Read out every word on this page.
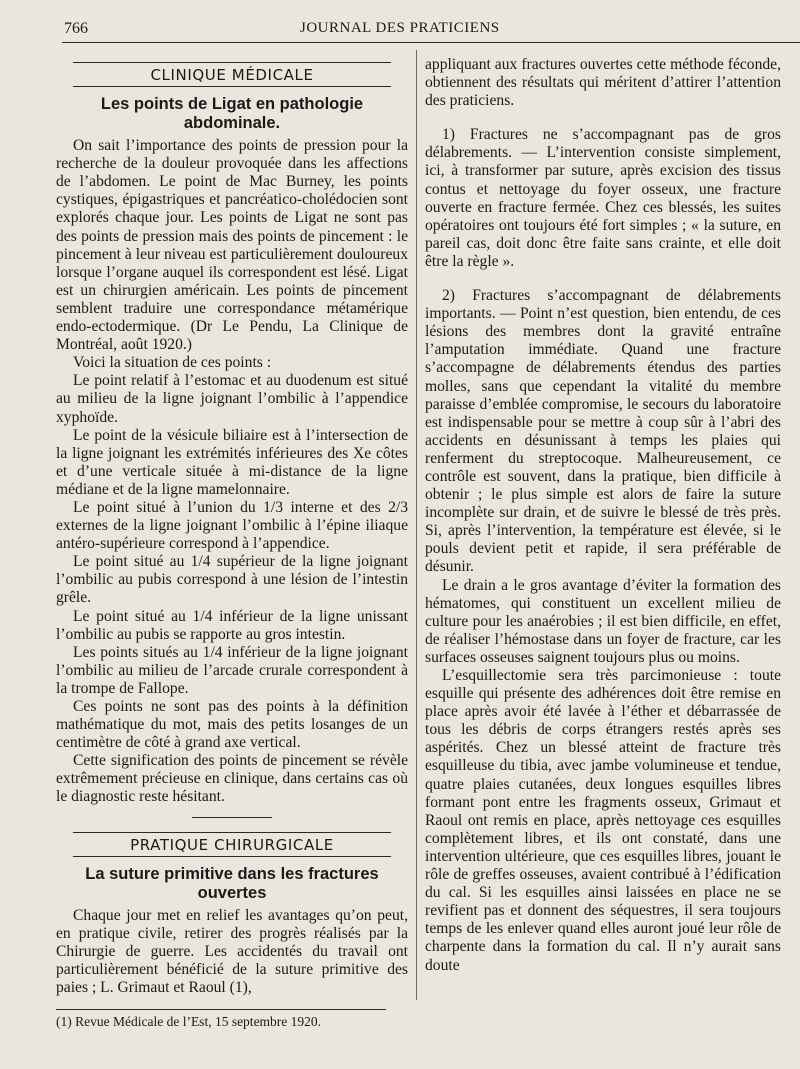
766	JOURNAL DES PRATICIENS
CLINIQUE MÉDICALE
Les points de Ligat en pathologie abdominale.

On sait l’importance des points de pression pour la recherche de la douleur provoquée dans les affections de l’abdomen. Le point de Mac Burney, les points cystiques, épigastriques et pancréatico-cholédocien sont explorés chaque jour. Les points de Ligat ne sont pas des points de pression mais des points de pincement : le pincement à leur niveau est particulièrement douloureux lorsque l’organe auquel ils correspondent est lésé. Ligat est un chirurgien américain. Les points de pincement semblent traduire une correspondance métamérique endo-ectodermique. (Dr Le Pendu, La Clinique de Montréal, août 1920.)

Voici la situation de ces points :

Le point relatif à l’estomac et au duodenum est situé au milieu de la ligne joignant l’ombilic à l’appendice xyphoïde.

Le point de la vésicule biliaire est à l’intersection de la ligne joignant les extrémités inférieures des Xe côtes et d’une verticale située à mi-distance de la ligne médiane et de la ligne mamelonnaire.

Le point situé à l’union du 1/3 interne et des 2/3 externes de la ligne joignant l’ombilic à l’épine iliaque antéro-supérieure correspond à l’appendice.

Le point situé au 1/4 supérieur de la ligne joignant l’ombilic au pubis correspond à une lésion de l’intestin grêle.

Le point situé au 1/4 inférieur de la ligne unissant l’ombilic au pubis se rapporte au gros intestin.

Les points situés au 1/4 inférieur de la ligne joignant l’ombilic au milieu de l’arcade crurale correspondent à la trompe de Fallope.

Ces points ne sont pas des points à la définition mathématique du mot, mais des petits losanges de un centimètre de côté à grand axe vertical.

Cette signification des points de pincement se révèle extrêmement précieuse en clinique, dans certains cas où le diagnostic reste hésitant.

PRATIQUE CHIRURGICALE
La suture primitive dans les fractures ouvertes

Chaque jour met en relief les avantages qu’on peut, en pratique civile, retirer des progrès réalisés par la Chirurgie de guerre. Les accidentés du travail ont particulièrement bénéficié de la suture primitive des paies ; L. Grimaut et Raoul (1),

(1) Revue Médicale de l’Est, 15 septembre 1920.

appliquant aux fractures ouvertes cette méthode féconde, obtiennent des résultats qui méritent d’attirer l’attention des praticiens.

1) Fractures ne s’accompagnant pas de gros délabrements. — L’intervention consiste simplement, ici, à transformer par suture, après excision des tissus contus et nettoyage du foyer osseux, une fracture ouverte en fracture fermée. Chez ces blessés, les suites opératoires ont toujours été fort simples ; « la suture, en pareil cas, doit donc être faite sans crainte, et elle doit être la règle ».

2) Fractures s’accompagnant de délabrements importants. — Point n’est question, bien entendu, de ces lésions des membres dont la gravité entraîne l’amputation immédiate. Quand une fracture s’accompagne de délabrements étendus des parties molles, sans que cependant la vitalité du membre paraisse d’emblée compromise, le secours du laboratoire est indispensable pour se mettre à coup sûr à l’abri des accidents en désunissant à temps les plaies qui renferment du streptocoque. Malheureusement, ce contrôle est souvent, dans la pratique, bien difficile à obtenir ; le plus simple est alors de faire la suture incomplète sur drain, et de suivre le blessé de très près. Si, après l’intervention, la température est élevée, si le pouls devient petit et rapide, il sera préférable de désunir.

Le drain a le gros avantage d’éviter la formation des hématomes, qui constituent un excellent milieu de culture pour les anaérobies ; il est bien difficile, en effet, de réaliser l’hémostase dans un foyer de fracture, car les surfaces osseuses saignent toujours plus ou moins.

L’esquillectomie sera très parcimonieuse : toute esquille qui présente des adhérences doit être remise en place après avoir été lavée à l’éther et débarrassée de tous les débris de corps étrangers restés après ses aspérités. Chez un blessé atteint de fracture très esquilleuse du tibia, avec jambe volumineuse et tendue, quatre plaies cutanées, deux longues esquilles libres formant pont entre les fragments osseux, Grimaut et Raoul ont remis en place, après nettoyage ces esquilles complètement libres, et ils ont constaté, dans une intervention ultérieure, que ces esquilles libres, jouant le rôle de greffes osseuses, avaient contribué à l’édification du cal. Si les esquilles ainsi laissées en place ne se revifient pas et donnent des séquestres, il sera toujours temps de les enlever quand elles auront joué leur rôle de charpente dans la formation du cal. Il n’y aurait sans doute
